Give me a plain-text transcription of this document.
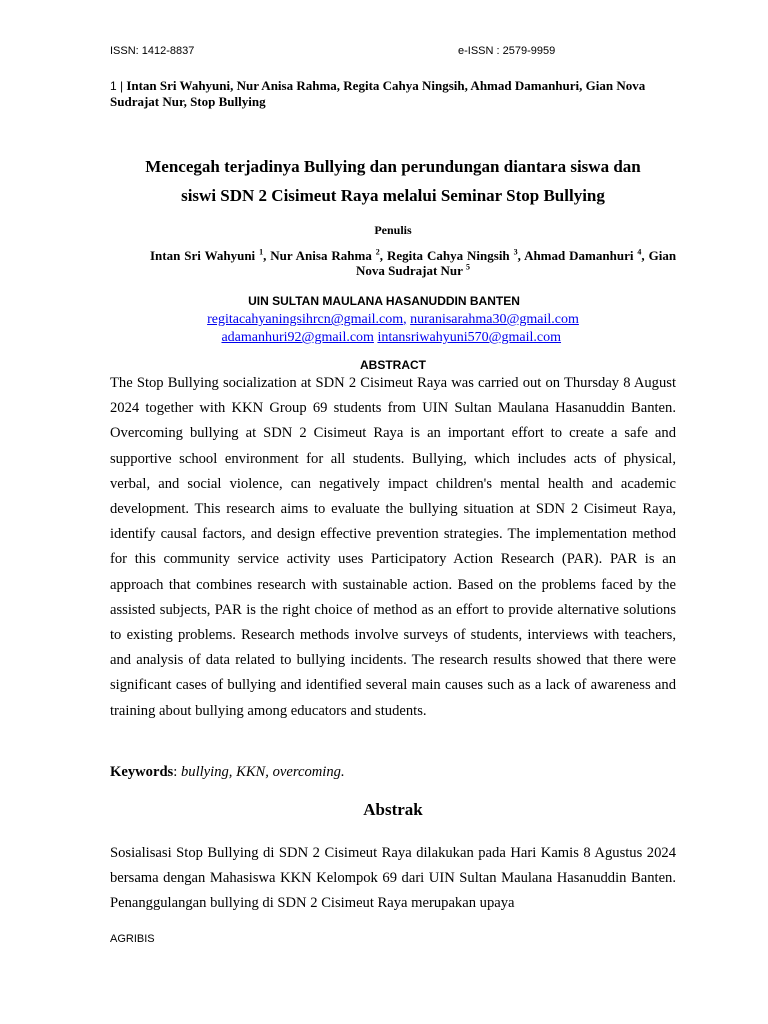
ISSN: 1412-8837	e-ISSN : 2579-9959
1 | Intan Sri Wahyuni, Nur Anisa Rahma, Regita Cahya Ningsih, Ahmad Damanhuri, Gian Nova Sudrajat Nur, Stop Bullying
Mencegah terjadinya Bullying dan perundungan diantara siswa dan
siswi SDN 2 Cisimeut Raya melalui Seminar Stop Bullying
Penulis
Intan Sri Wahyuni $^1$, Nur Anisa Rahma $^2$, Regita Cahya Ningsih $^3$, Ahmad Damanhuri $^4$, Gian Nova Sudrajat Nur $^5$
UIN SULTAN MAULANA HASANUDDIN BANTEN
regitacahyaningsihrcn@gmail.com, nuranisarahma30@gmail.com
adamanhuri92@gmail.com intansriwahyuni570@gmail.com
ABSTRACT
The Stop Bullying socialization at SDN 2 Cisimeut Raya was carried out on Thursday 8 August 2024 together with KKN Group 69 students from UIN Sultan Maulana Hasanuddin Banten. Overcoming bullying at SDN 2 Cisimeut Raya is an important effort to create a safe and supportive school environment for all students. Bullying, which includes acts of physical, verbal, and social violence, can negatively impact children's mental health and academic development. This research aims to evaluate the bullying situation at SDN 2 Cisimeut Raya, identify causal factors, and design effective prevention strategies. The implementation method for this community service activity uses Participatory Action Research (PAR). PAR is an approach that combines research with sustainable action. Based on the problems faced by the assisted subjects, PAR is the right choice of method as an effort to provide alternative solutions to existing problems. Research methods involve surveys of students, interviews with teachers, and analysis of data related to bullying incidents. The research results showed that there were significant cases of bullying and identified several main causes such as a lack of awareness and training about bullying among educators and students.
Keywords: bullying, KKN, overcoming.
Abstrak
Sosialisasi Stop Bullying di SDN 2 Cisimeut Raya dilakukan pada Hari Kamis 8 Agustus 2024 bersama dengan Mahasiswa KKN Kelompok 69 dari UIN Sultan Maulana Hasanuddin Banten. Penanggulangan bullying di SDN 2 Cisimeut Raya merupakan upaya
AGRIBIS
